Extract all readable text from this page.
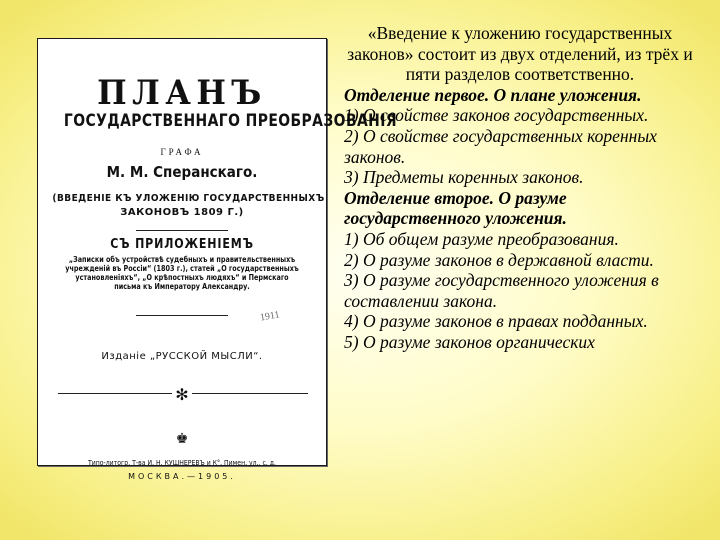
ПЛАНЪ
ГОСУДАРСТВЕННАГО ПРЕОБРАЗОВАНІЯ
ГРАФА
М. М. Сперанскаго.
(ВВЕДЕНІЕ КЪ УЛОЖЕНІЮ ГОСУДАРСТВЕННЫХЪ
ЗАКОНОВЪ 1809 Г.)
СЪ ПРИЛОЖЕНІЕМЪ
„Записки объ устройствѣ судебныхъ и правительственныхъ
учрежденій въ Россіи“ (1803 г.), статей „О государственныхъ
установленіяхъ“, „О крѣпостныхъ людяхъ“ и Пермскаго
письма къ Императору Александру.
1911
Изданіе „РУССКОЙ МЫСЛИ“.
✻
♚
Типо-литогр. Т-ва И. Н. КУШНЕРЕВЪ и К°. Пимен. ул., с. д.
МОСКВА.—1905.

«Введение к уложению государственных законов» состоит из двух отделений, из трёх и пяти разделов соответственно.

Отделение первое. О плане уложения.

1) О свойстве законов государственных.

2) О свойстве государственных коренных законов.

3) Предметы коренных законов.

Отделение второе. О разуме государственного уложения.

1) Об общем разуме преобразования.

2) О разуме законов в державной власти.

3) О разуме государственного уложения в составлении закона.

4) О разуме законов в правах подданных.

5) О разуме законов органических
